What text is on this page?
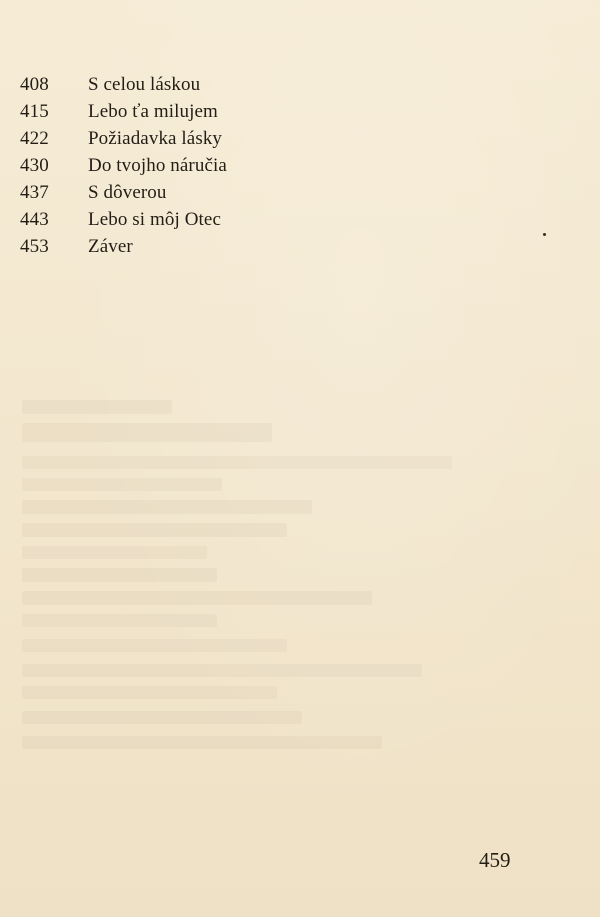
408	S celou láskou
415	Lebo ťa milujem
422	Požiadavka lásky
430	Do tvojho náručia
437	S dôverou
443	Lebo si môj Otec
453	Záver
459
